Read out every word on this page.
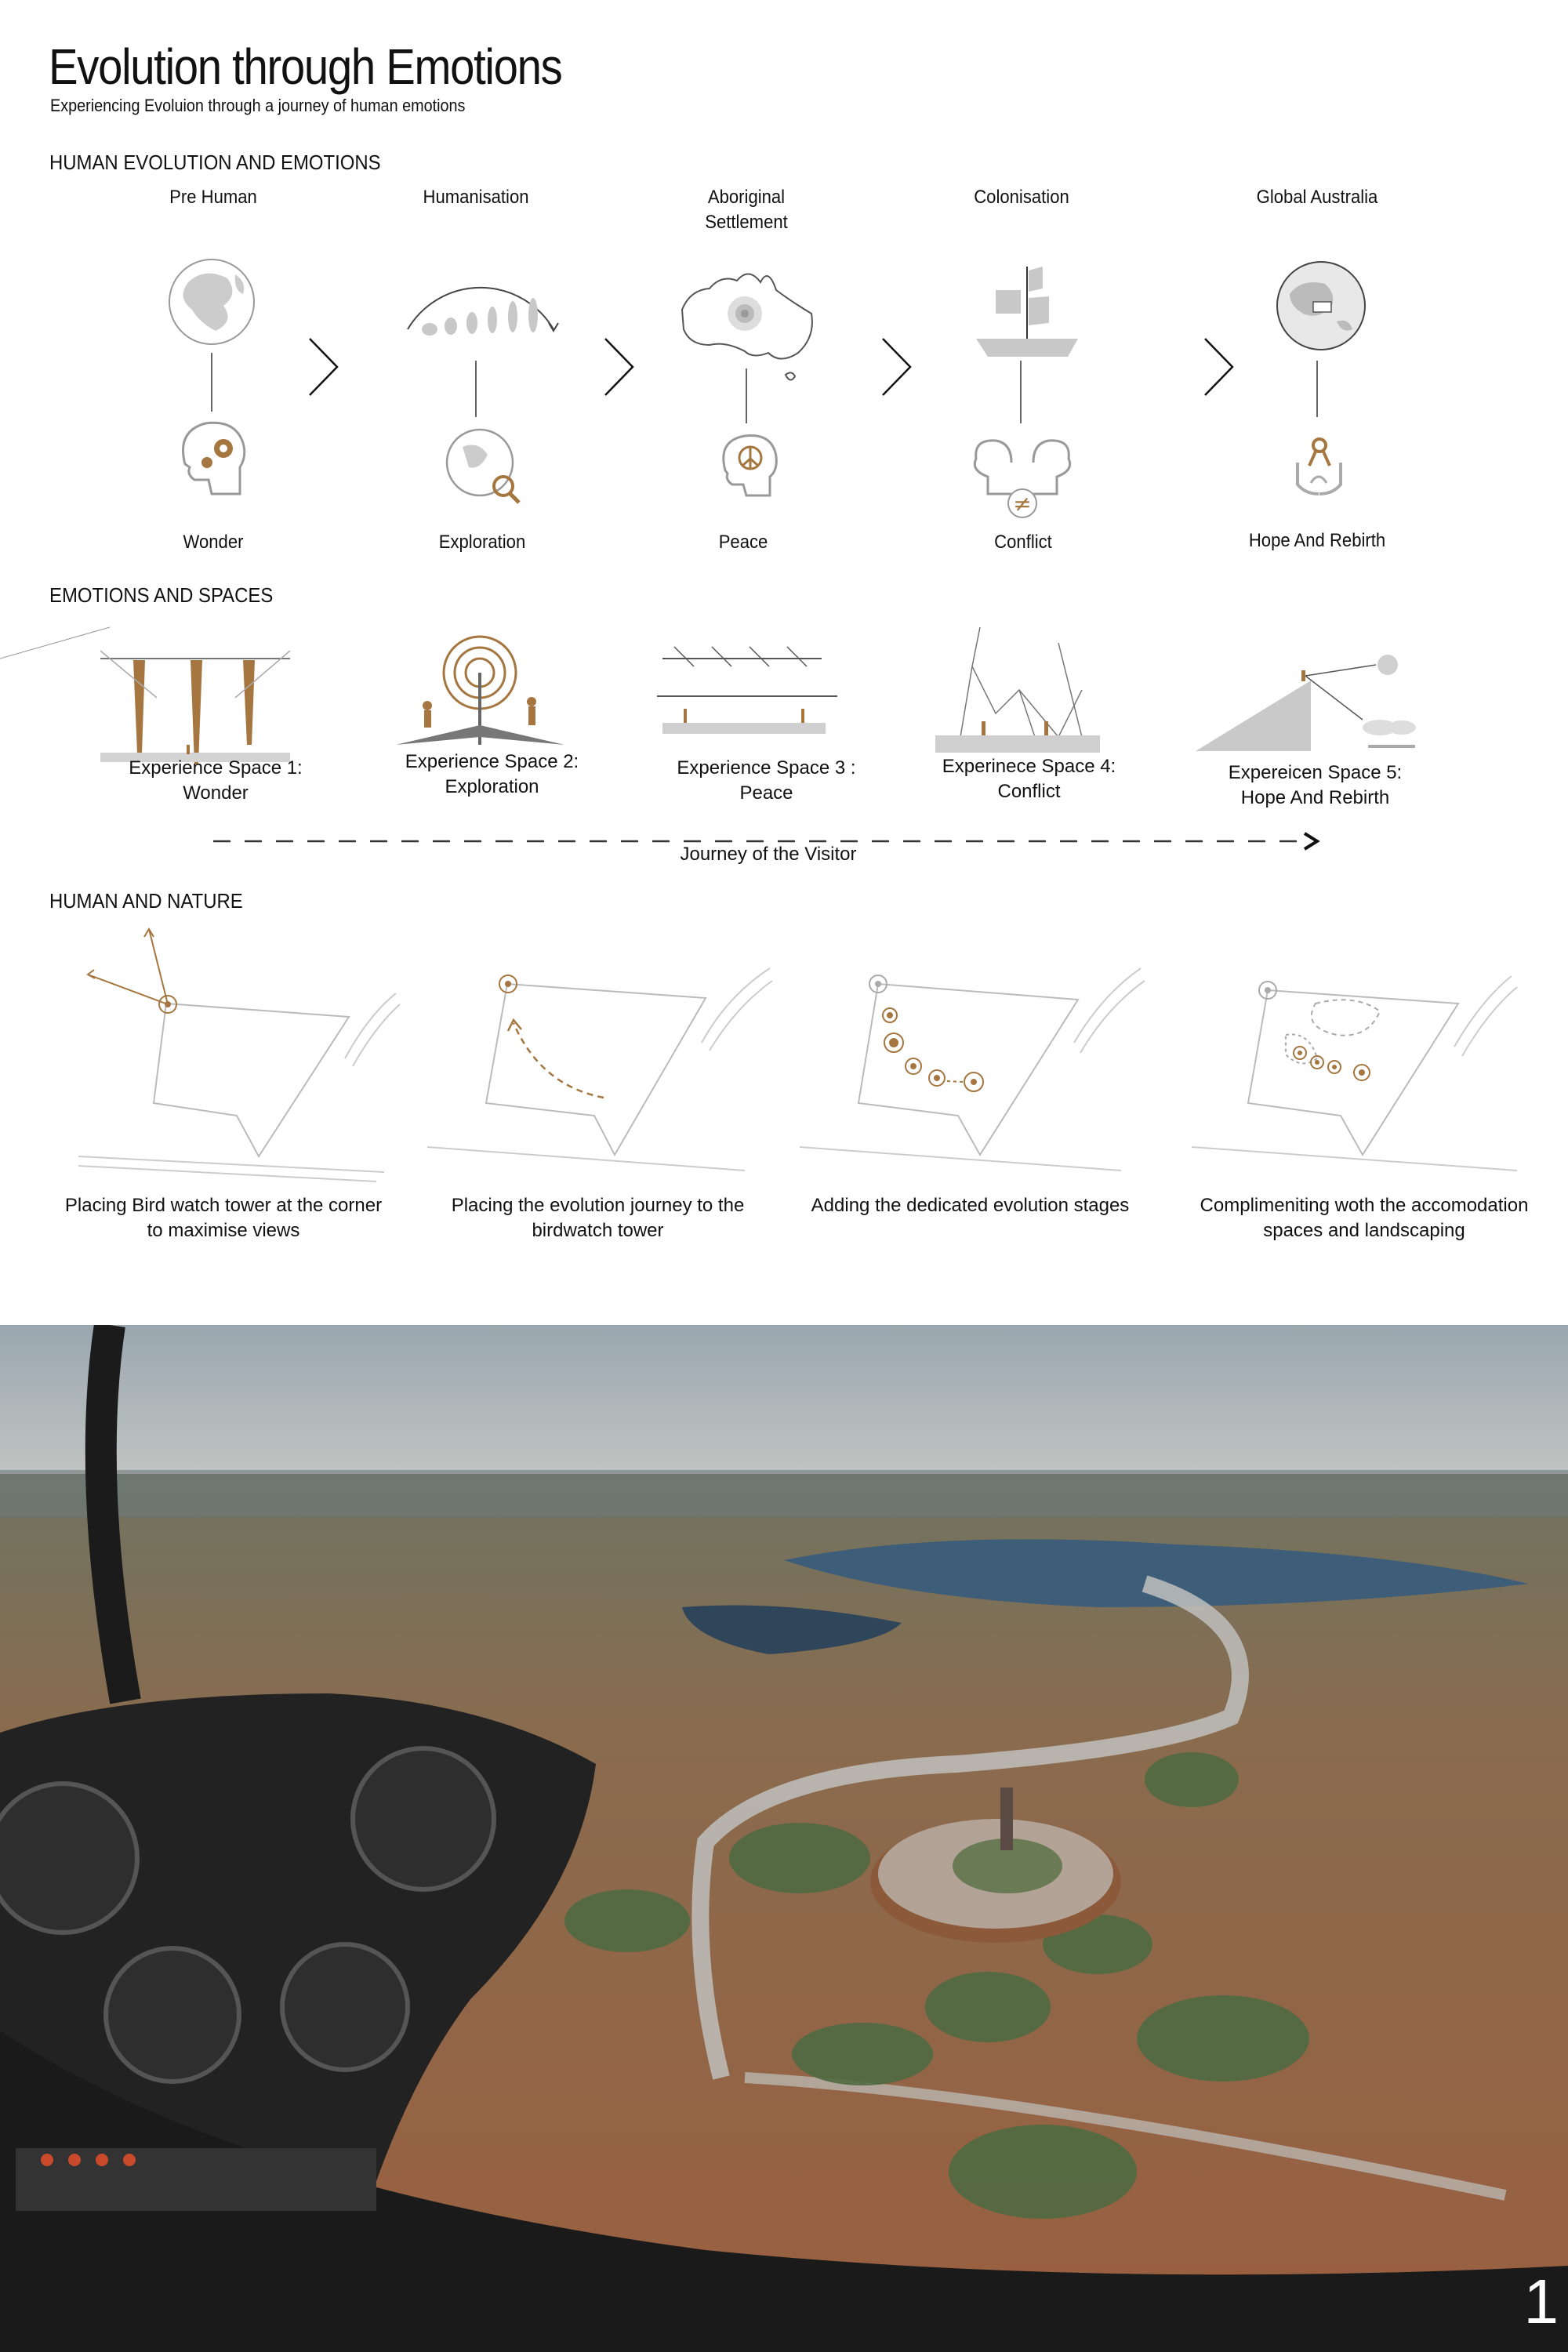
Evolution through Emotions
Experiencing Evoluion through a journey of human emotions
HUMAN EVOLUTION AND EMOTIONS
Pre Human	Humanisation	Aboriginal Settlement
Colonisation	Global Australia
≠
Wonder	Exploration	Peace	Conflict	Hope And Rebirth
EMOTIONS AND SPACES
Experience Space 1: Wonder
Experience Space 2: Exploration
Experience Space 3 : Peace
Experinece Space 4: Conflict
Expereicen Space 5: Hope And Rebirth
Journey of the Visitor
HUMAN AND NATURE
Placing Bird watch tower at the corner to maximise views
Placing the evolution journey to the birdwatch tower
Adding the dedicated evolution stages	Complimeniting woth the accomodation spaces and landscaping
1
